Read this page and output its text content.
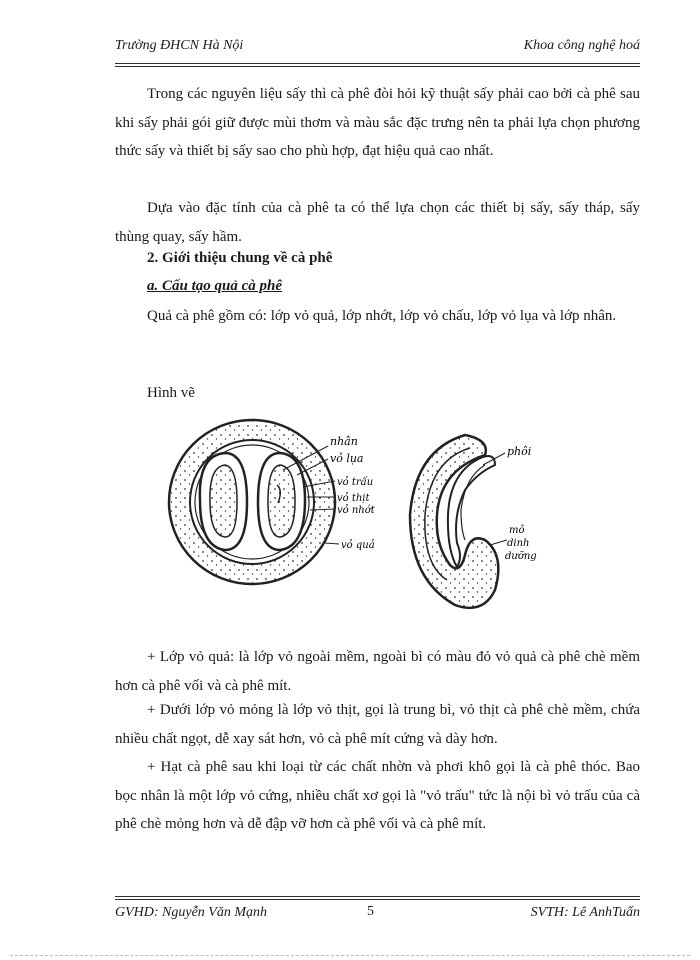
Trường ĐHCN Hà Nội	Khoa công nghệ hoá

Trong các nguyên liệu sấy thì cà phê đòi hỏi kỹ thuật sấy phải cao bởi cà phê sau khi sấy phải gói giữ được mùi thơm và màu sắc đặc trưng nên ta phải lựa chọn phương thức sấy và thiết bị sấy sao cho phù hợp, đạt hiệu quả cao nhất.

Dựa vào đặc tính của cà phê ta có thể lựa chọn các thiết bị sấy, sấy tháp, sấy thùng quay, sấy hầm.

2. Giới thiệu chung về cà phê
a. Cấu tạo quả cà phê

Quả cà phê gồm có: lớp vỏ quả, lớp nhớt, lớp vỏ chấu, lớp vỏ lụa và lớp nhân.

Hình vẽ
nhân
vỏ lụa
vỏ trấu
vỏ thịt
vỏ nhớt
vỏ quả
phôi
mô
dinh
dưỡng

+ Lớp vỏ quả: là lớp vỏ ngoài mềm, ngoài bì có màu đỏ vỏ quả cà phê chè mềm hơn cà phê vối và cà phê mít.

+ Dưới lớp vỏ mỏng là lớp vỏ thịt, gọi là trung bì, vỏ thịt cà phê chè mềm, chứa nhiều chất ngọt, dễ xay sát hơn, vỏ cà phê mít cứng và dày hơn.

+ Hạt cà phê sau khi loại từ các chất nhờn và phơi khô gọi là cà phê thóc. Bao bọc nhân là một lớp vỏ cứng, nhiều chất xơ gọi là "vỏ trấu" tức là nội bì vỏ trấu của cà phê chè mỏng hơn và dễ đập vỡ hơn cà phê vối và cà phê mít.

GVHD: Nguyễn Văn Mạnh	5	SVTH: Lê AnhTuấn
